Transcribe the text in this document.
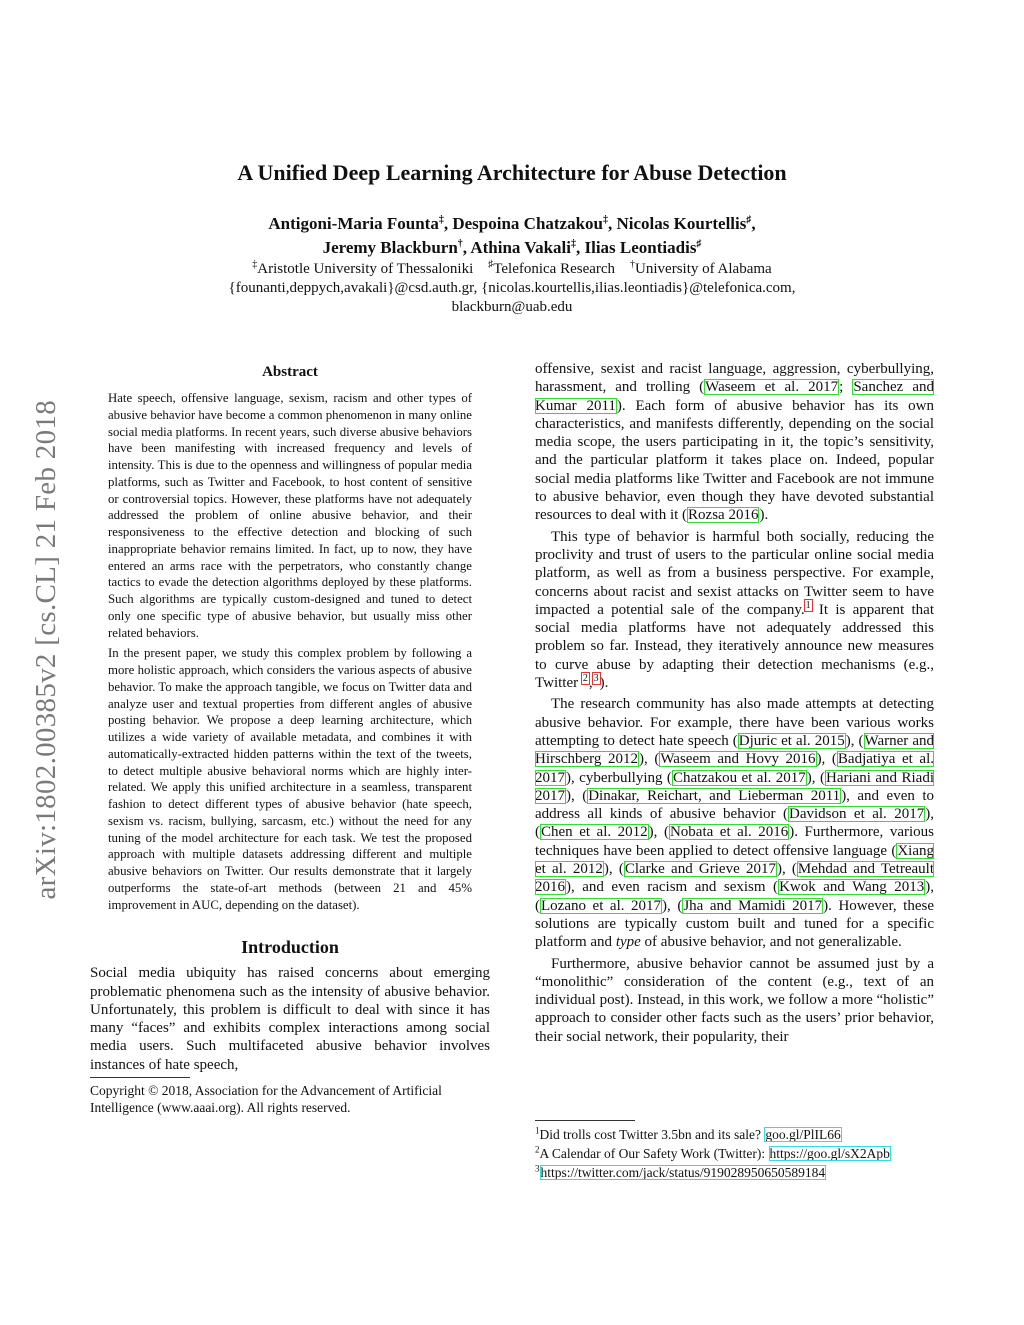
arXiv:1802.00385v2 [cs.CL] 21 Feb 2018
A Unified Deep Learning Architecture for Abuse Detection
Antigoni-Maria Founta‡, Despoina Chatzakou‡, Nicolas Kourtellis♯,
Jeremy Blackburn†, Athina Vakali‡, Ilias Leontiadis♯
‡Aristotle University of Thessaloniki ♯Telefonica Research †University of Alabama
{founanti,deppych,avakali}@csd.auth.gr, {nicolas.kourtellis,ilias.leontiadis}@telefonica.com,
blackburn@uab.edu
Abstract

Hate speech, offensive language, sexism, racism and other types of abusive behavior have become a common phenomenon in many online social media platforms. In recent years, such diverse abusive behaviors have been manifesting with increased frequency and levels of intensity. This is due to the openness and willingness of popular media platforms, such as Twitter and Facebook, to host content of sensitive or controversial topics. However, these platforms have not adequately addressed the problem of online abusive behavior, and their responsiveness to the effective detection and blocking of such inappropriate behavior remains limited. In fact, up to now, they have entered an arms race with the perpetrators, who constantly change tactics to evade the detection algorithms deployed by these platforms. Such algorithms are typically custom-designed and tuned to detect only one specific type of abusive behavior, but usually miss other related behaviors.

In the present paper, we study this complex problem by following a more holistic approach, which considers the various aspects of abusive behavior. To make the approach tangible, we focus on Twitter data and analyze user and textual properties from different angles of abusive posting behavior. We propose a deep learning architecture, which utilizes a wide variety of available metadata, and combines it with automatically-extracted hidden patterns within the text of the tweets, to detect multiple abusive behavioral norms which are highly inter-related. We apply this unified architecture in a seamless, transparent fashion to detect different types of abusive behavior (hate speech, sexism vs. racism, bullying, sarcasm, etc.) without the need for any tuning of the model architecture for each task. We test the proposed approach with multiple datasets addressing different and multiple abusive behaviors on Twitter. Our results demonstrate that it largely outperforms the state-of-art methods (between 21 and 45% improvement in AUC, depending on the dataset).

Introduction

Social media ubiquity has raised concerns about emerging problematic phenomena such as the intensity of abusive behavior. Unfortunately, this problem is difficult to deal with since it has many “faces” and exhibits complex interactions among social media users. Such multifaceted abusive behavior involves instances of hate speech,

Copyright © 2018, Association for the Advancement of Artificial Intelligence (www.aaai.org). All rights reserved.

offensive, sexist and racist language, aggression, cyberbullying, harassment, and trolling (Waseem et al. 2017; Sanchez and Kumar 2011). Each form of abusive behavior has its own characteristics, and manifests differently, depending on the social media scope, the users participating in it, the topic’s sensitivity, and the particular platform it takes place on. Indeed, popular social media platforms like Twitter and Facebook are not immune to abusive behavior, even though they have devoted substantial resources to deal with it (Rozsa 2016).

This type of behavior is harmful both socially, reducing the proclivity and trust of users to the particular online social media platform, as well as from a business perspective. For example, concerns about racist and sexist attacks on Twitter seem to have impacted a potential sale of the company.$^1$ It is apparent that social media platforms have not adequately addressed this problem so far. Instead, they iteratively announce new measures to curve abuse by adapting their detection mechanisms (e.g., Twitter $^2$,$^3$).

The research community has also made attempts at detecting abusive behavior. For example, there have been various works attempting to detect hate speech (Djuric et al. 2015), (Warner and Hirschberg 2012), (Waseem and Hovy 2016), (Badjatiya et al. 2017), cyberbullying (Chatzakou et al. 2017), (Hariani and Riadi 2017), (Dinakar, Reichart, and Lieberman 2011), and even to address all kinds of abusive behavior (Davidson et al. 2017), (Chen et al. 2012), (Nobata et al. 2016). Furthermore, various techniques have been applied to detect offensive language (Xiang et al. 2012), (Clarke and Grieve 2017), (Mehdad and Tetreault 2016), and even racism and sexism (Kwok and Wang 2013), (Lozano et al. 2017), (Jha and Mamidi 2017). However, these solutions are typically custom built and tuned for a specific platform and type of abusive behavior, and not generalizable.

Furthermore, abusive behavior cannot be assumed just by a “monolithic” consideration of the content (e.g., text of an individual post). Instead, in this work, we follow a more “holistic” approach to consider other facts such as the users’ prior behavior, their social network, their popularity, their

$^1$Did trolls cost Twitter 3.5bn and its sale? goo.gl/PlIL66

$^2$A Calendar of Our Safety Work (Twitter): https://goo.gl/sX2Apb

$^3$https://twitter.com/jack/status/919028950650589184
